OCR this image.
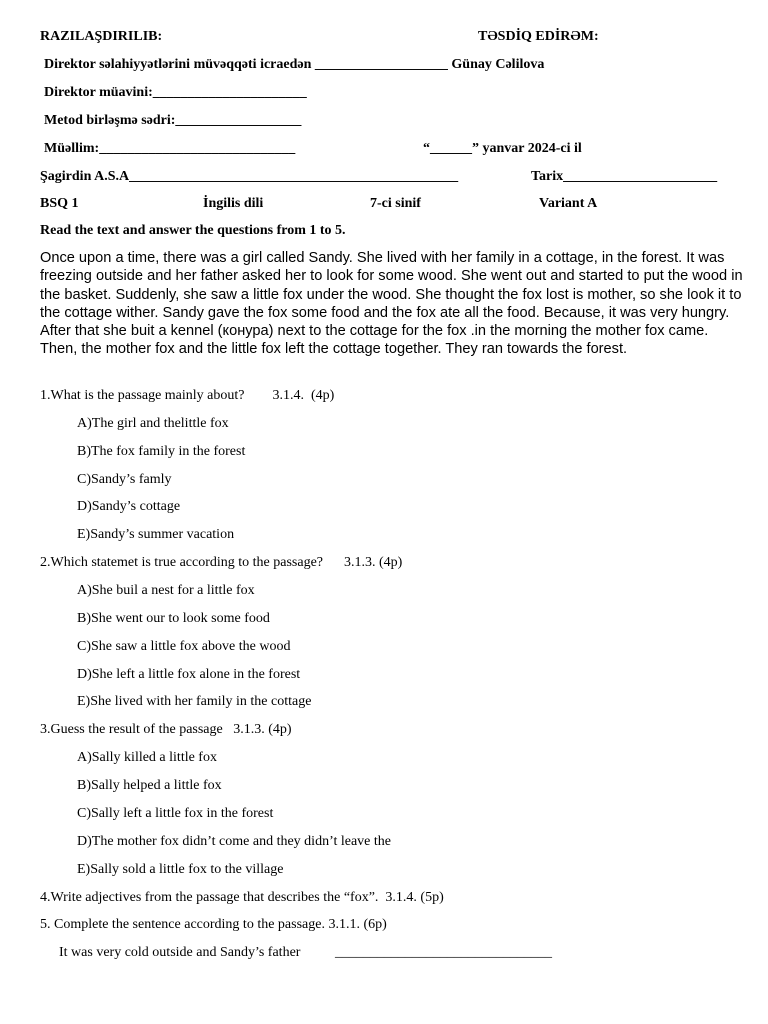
RAZILAŞDIRILIB:	TƏSDİQ EDİRƏM:
Direktor səlahiyyətlərini müvəqqəti icraedən ___________________ Günay Cəlilova
Direktor müavini:______________________
Metod birləşmə sədri:__________________
Müəllim:____________________________	“______” yanvar 2024-ci il
Şagirdin A.S.A_______________________________________________	Tarix______________________
BSQ 1	İngilis dili	7-ci sinif	Variant A
Read the text and answer the questions from 1 to 5.
Once upon a time, there was a girl called Sandy. She lived with her family in a cottage, in the forest. It was freezing outside and her father asked her to look for some wood. She went out and started to put the wood in the basket. Suddenly, she saw a little fox under the wood. She thought the fox lost is mother, so she look it to the cottage wither. Sandy gave the fox some food and the fox ate all the food. Because, it was very hungry. After that she buit a kennel (конура) next to the cottage for the fox .in the morning the mother fox came. Then, the mother fox and the little fox left the cottage together. They ran towards the forest.
1.What is the passage mainly about?        3.1.4.  (4p)
A)The girl and thelittle fox
B)The fox family in the forest
C)Sandy’s famly
D)Sandy’s cottage
E)Sandy’s summer vacation
2.Which statemet is true according to the passage?      3.1.3. (4p)
A)She buil a nest for a little fox
B)She went our to look some food
C)She saw a little fox above the wood
D)She left a little fox alone in the forest
E)She lived with her family in the cottage
3.Guess the result of the passage   3.1.3. (4p)
A)Sally killed a little fox
B)Sally helped a little fox
C)Sally left a little fox in the forest
D)The mother fox didn’t come and they didn’t leave the
E)Sally sold a little fox to the village
4.Write adjectives from the passage that describes the “fox”.  3.1.4. (5p)
5. Complete the sentence according to the passage. 3.1.1. (6p)
It was very cold outside and Sandy’s father _______________________________
